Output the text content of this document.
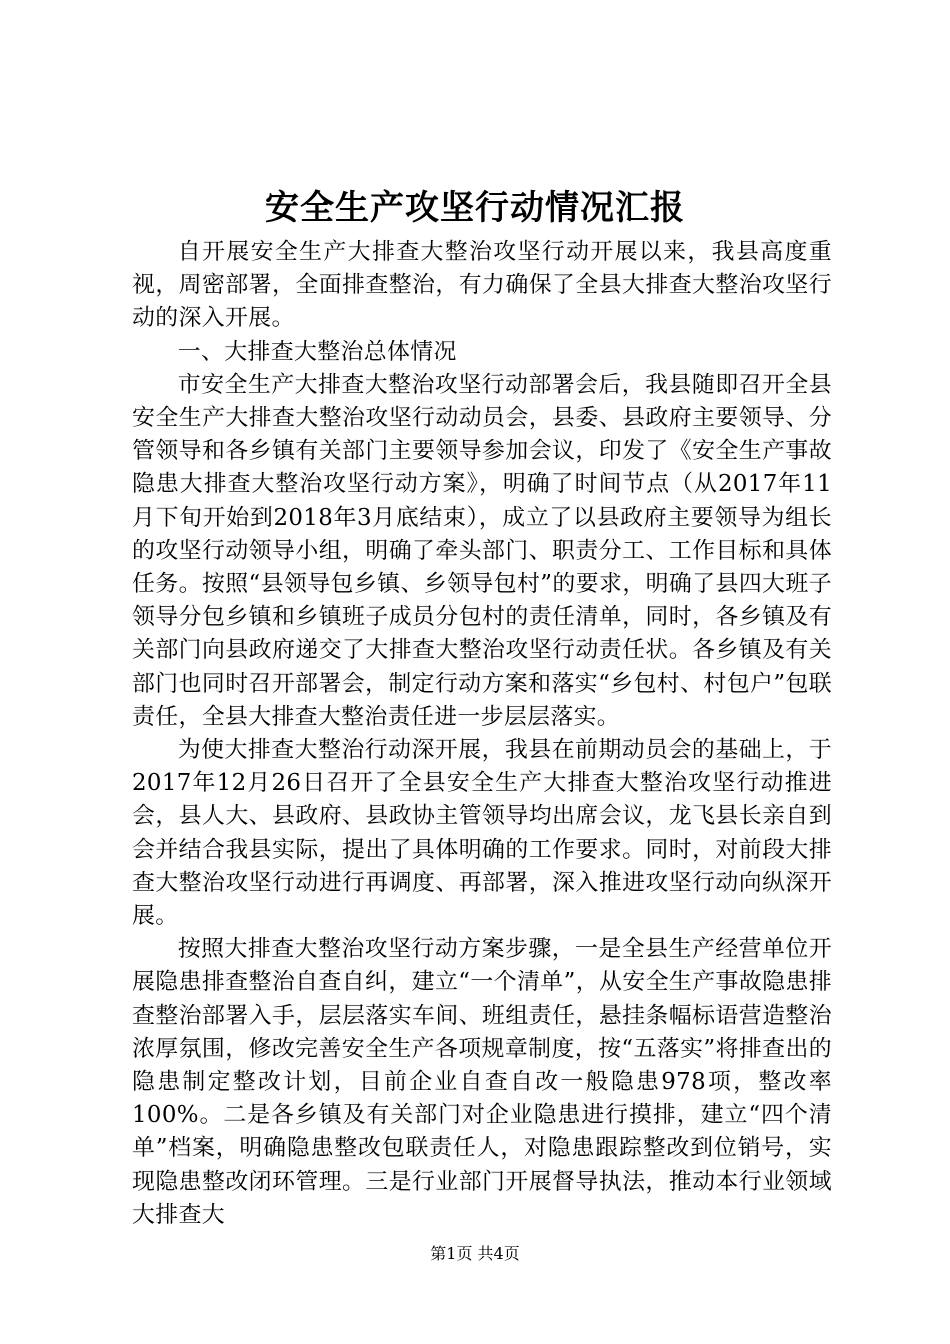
安全生产攻坚行动情况汇报

自开展安全生产大排查大整治攻坚行动开展以来，我县高度重视，周密部署，全面排查整治，有力确保了全县大排查大整治攻坚行动的深入开展。

一、大排查大整治总体情况

市安全生产大排查大整治攻坚行动部署会后，我县随即召开全县安全生产大排查大整治攻坚行动动员会，县委、县政府主要领导、分管领导和各乡镇有关部门主要领导参加会议，印发了《安全生产事故隐患大排查大整治攻坚行动方案》，明确了时间节点（从2017年11月下旬开始到2018年3月底结束），成立了以县政府主要领导为组长的攻坚行动领导小组，明确了牵头部门、职责分工、工作目标和具体任务。按照“县领导包乡镇、乡领导包村”的要求，明确了县四大班子领导分包乡镇和乡镇班子成员分包村的责任清单，同时，各乡镇及有关部门向县政府递交了大排查大整治攻坚行动责任状。各乡镇及有关部门也同时召开部署会，制定行动方案和落实“乡包村、村包户”包联责任，全县大排查大整治责任进一步层层落实。

为使大排查大整治行动深开展，我县在前期动员会的基础上，于2017年12月26日召开了全县安全生产大排查大整治攻坚行动推进会，县人大、县政府、县政协主管领导均出席会议，龙飞县长亲自到会并结合我县实际，提出了具体明确的工作要求。同时，对前段大排查大整治攻坚行动进行再调度、再部署，深入推进攻坚行动向纵深开展。

按照大排查大整治攻坚行动方案步骤，一是全县生产经营单位开展隐患排查整治自查自纠，建立“一个清单”，从安全生产事故隐患排查整治部署入手，层层落实车间、班组责任，悬挂条幅标语营造整治浓厚氛围，修改完善安全生产各项规章制度，按“五落实”将排查出的隐患制定整改计划，目前企业自查自改一般隐患978项，整改率100%。二是各乡镇及有关部门对企业隐患进行摸排，建立“四个清单”档案，明确隐患整改包联责任人，对隐患跟踪整改到位销号，实现隐患整改闭环管理。三是行业部门开展督导执法，推动本行业领域大排查大

第1页 共4页
